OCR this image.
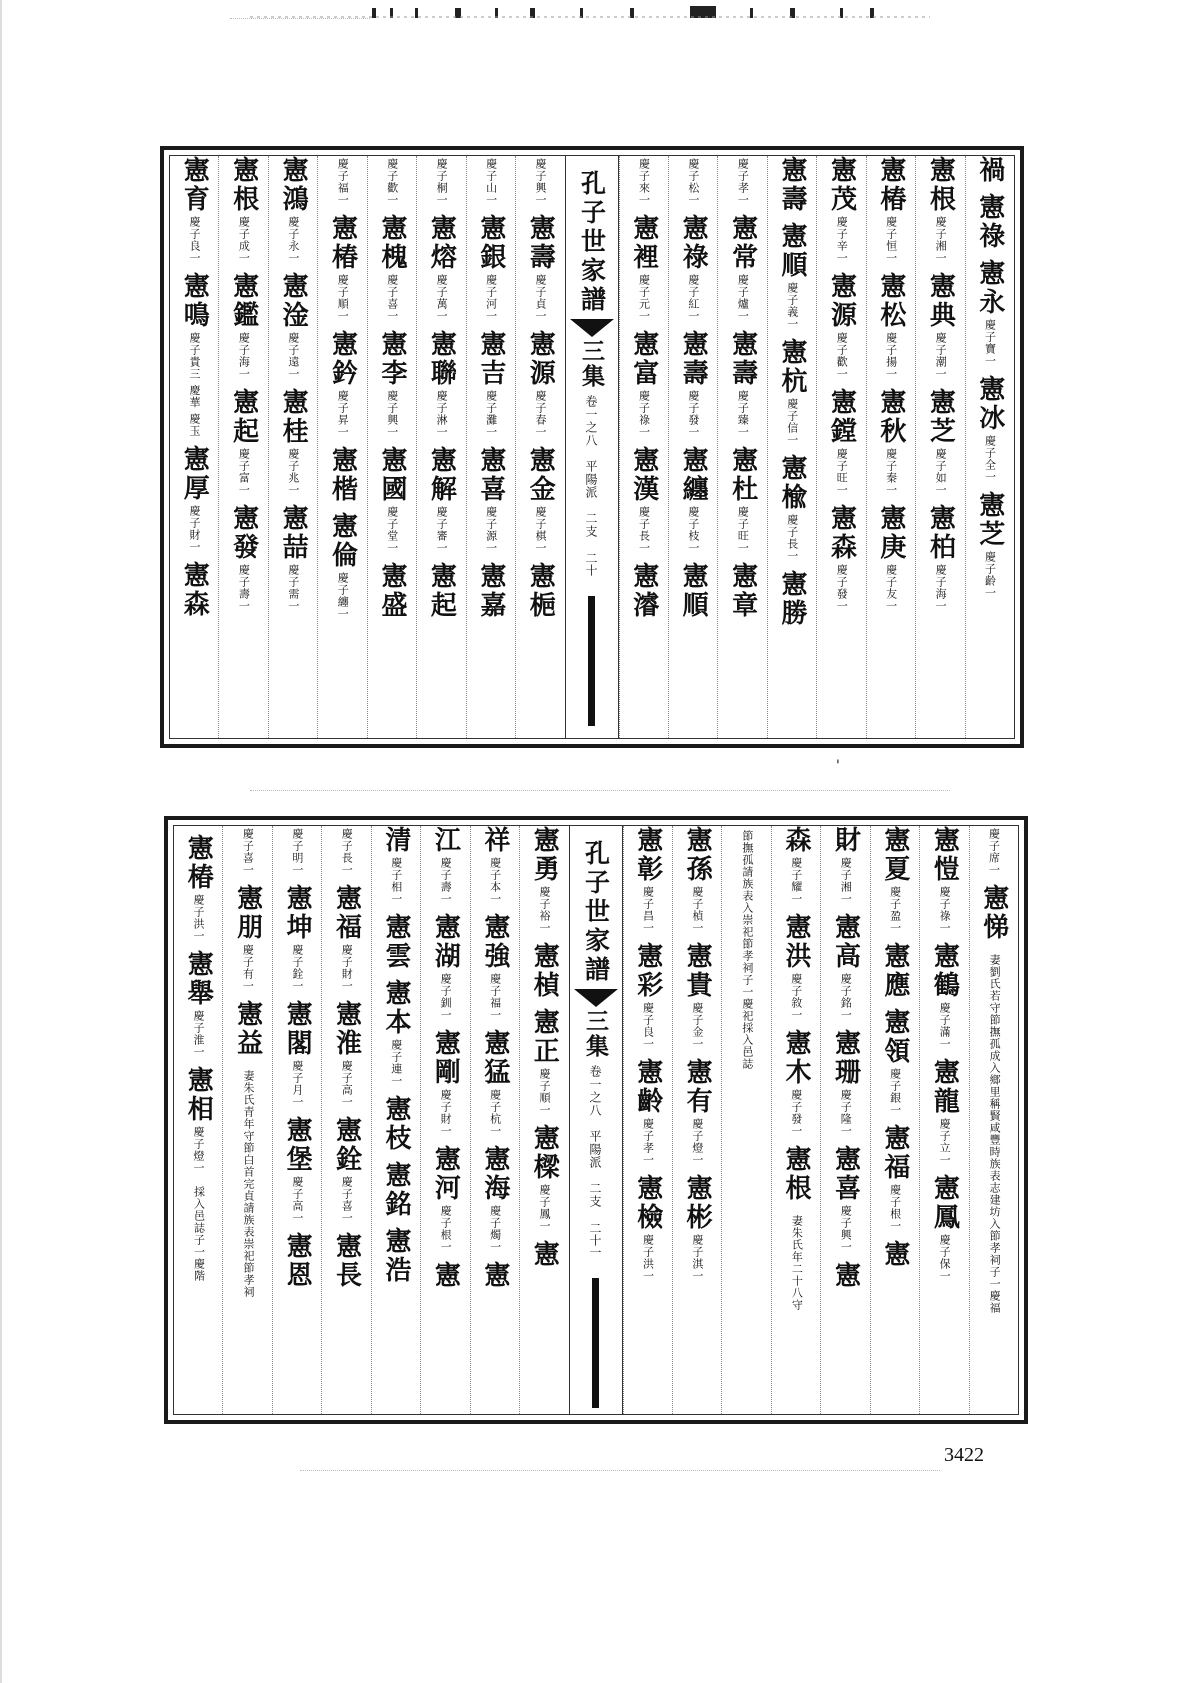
'
禍
憲祿
憲永
慶子寶一
憲冰
慶子全一
憲芝
慶子齡一
憲根
慶子湘一
憲典
慶子潮一
憲芝
慶子如一
憲柏
慶子海一
憲椿
慶子恒一
憲松
慶子揚一
憲秋
慶子秦一
憲庚
慶子友一
憲茂
慶子辛一
憲源
慶子歡一
憲鏜
慶子旺一
憲森
慶子發一
憲壽
憲順
慶子義一
憲杭
慶子信一
憲楡
慶子長一
憲勝
慶子孝一
憲常
慶子爐一
憲壽
慶子臻一
憲杜
慶子旺一
憲章
慶子松一
憲祿
慶子紅一
憲壽
慶子發一
憲纏
慶子枝一
憲順
慶子來一
憲裡
慶子元一
憲富
慶子祿一
憲漢
慶子長一
憲濬
孔子世家譜
三集
卷一之八　平陽派　二支
二十
慶子興一
憲壽
慶子貞一
憲源
慶子春一
憲金
慶子棋一
憲梔
慶子山一
憲銀
慶子河一
憲吉
慶子灘一
憲喜
慶子源一
憲嘉
慶子桐一
憲熔
慶子萬一
憲聯
慶子淋一
憲解
慶子審一
憲起
慶子歡一
憲槐
慶子喜一
憲李
慶子興一
憲國
慶子堂一
憲盛
慶子福一
憲椿
慶子順一
憲鈐
慶子昇一
憲楷
憲倫
慶子纏一
憲鴻
慶子永一
憲淦
慶子遠一
憲桂
慶子兆一
憲喆
慶子需一
憲根
慶子成一
憲鑑
慶子海一
憲起
慶子富一
憲發
慶子壽一
憲育
慶子良一
憲鳴
慶子貴三 慶華 慶玉
憲厚
慶子財一
憲森
慶子席一
憲悌
妻劉氏若守節撫孤成入鄉里稱賢咸豐時族表志建坊入節孝祠子一慶福
憲愷
慶子祿一
憲鶴
慶子滿一
憲龍
慶子立一
憲鳳
慶子保一
憲夏
慶子盈一
憲應
憲領
慶子銀一
憲福
慶子根一
憲
財
慶子湘一
憲高
慶子銘一
憲珊
慶子隆一
憲喜
慶子興一
憲
森
慶子耀一
憲洪
慶子敘一
憲木
慶子發一
憲根
妻朱氏年二十八守
節撫孤請族表入崇祀節孝祠子一慶祀採入邑誌
憲孫
慶子楨一
憲貴
慶子金一
憲有
慶子燈一
憲彬
慶子淇一
憲彰
慶子昌一
憲彩
慶子良一
憲齡
慶子孝一
憲檢
慶子洪一
孔子世家譜
三集
卷一之八　平陽派　二支
二十一
憲勇
慶子裕一
憲楨
憲正
慶子順一
憲樑
慶子鳳一
憲
祥
慶子本一
憲強
慶子福一
憲猛
慶子杭一
憲海
慶子燭一
憲
江
慶子壽一
憲湖
慶子釧一
憲剛
慶子財一
憲河
慶子根一
憲
清
慶子相一
憲雲
憲本
慶子連一
憲枝
憲銘
憲浩
慶子長一
憲福
慶子財一
憲淮
慶子高一
憲銓
慶子喜一
憲長
慶子明一
憲坤
慶子銓一
憲閣
慶子月一
憲堡
慶子高一
憲恩
慶子喜一
憲朋
慶子有一
憲益
妻朱氏青年守節白首完貞請族表崇祀節孝祠
憲椿
慶子洪一
憲舉
慶子淮一
憲相
慶子燈一
採入邑誌子一慶階
3422
